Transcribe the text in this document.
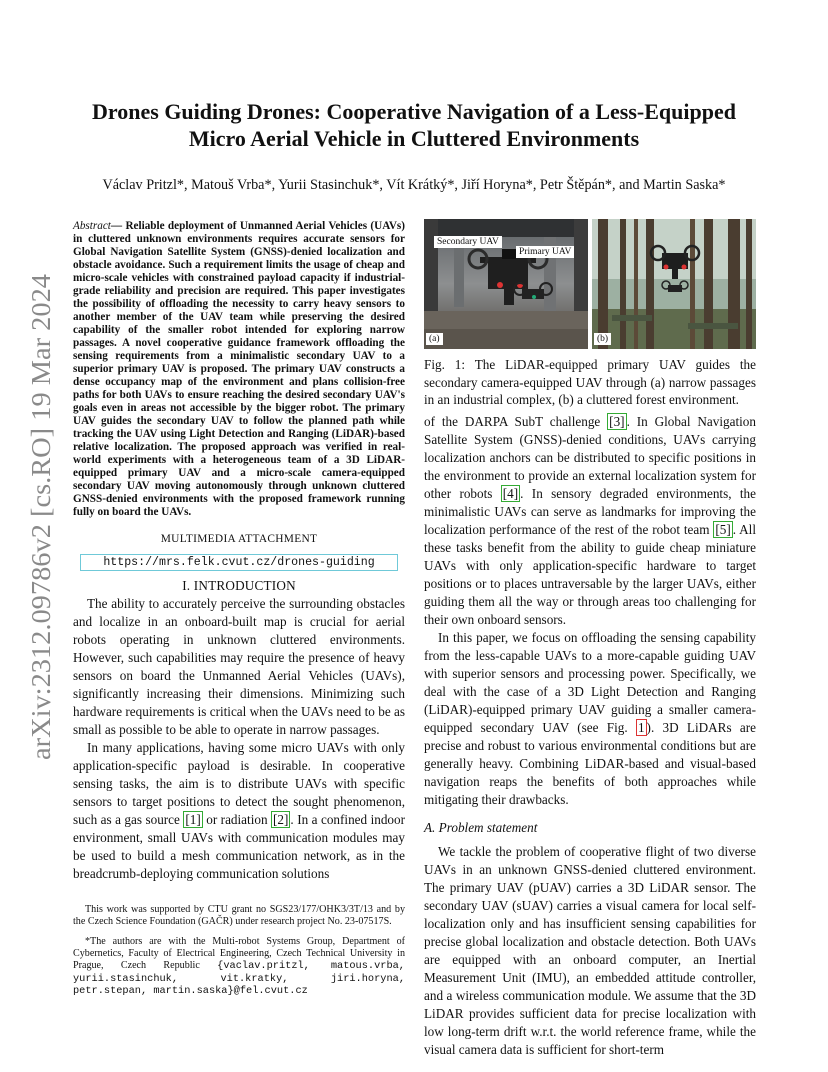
arXiv:2312.09786v2 [cs.RO] 19 Mar 2024
Drones Guiding Drones: Cooperative Navigation of a Less-Equipped
Micro Aerial Vehicle in Cluttered Environments
Václav Pritzl*, Matouš Vrba*, Yurii Stasinchuk*, Vít Krátký*, Jiří Horyna*, Petr Štěpán*, and Martin Saska*
Abstract— Reliable deployment of Unmanned Aerial Vehicles (UAVs) in cluttered unknown environments requires accurate sensors for Global Navigation Satellite System (GNSS)-denied localization and obstacle avoidance. Such a requirement limits the usage of cheap and micro-scale vehicles with constrained payload capacity if industrial-grade reliability and precision are required. This paper investigates the possibility of offloading the necessity to carry heavy sensors to another member of the UAV team while preserving the desired capability of the smaller robot intended for exploring narrow passages. A novel cooperative guidance framework offloading the sensing requirements from a minimalistic secondary UAV to a superior primary UAV is proposed. The primary UAV constructs a dense occupancy map of the environment and plans collision-free paths for both UAVs to ensure reaching the desired secondary UAV's goals even in areas not accessible by the bigger robot. The primary UAV guides the secondary UAV to follow the planned path while tracking the UAV using Light Detection and Ranging (LiDAR)-based relative localization. The proposed approach was verified in real-world experiments with a heterogeneous team of a 3D LiDAR-equipped primary UAV and a micro-scale camera-equipped secondary UAV moving autonomously through unknown cluttered GNSS-denied environments with the proposed framework running fully on board the UAVs.
MULTIMEDIA ATTACHMENT
https://mrs.felk.cvut.cz/drones-guiding
I. INTRODUCTION

The ability to accurately perceive the surrounding obstacles and localize in an onboard-built map is crucial for aerial robots operating in unknown cluttered environments. However, such capabilities may require the presence of heavy sensors on board the Unmanned Aerial Vehicles (UAVs), significantly increasing their dimensions. Minimizing such hardware requirements is critical when the UAVs need to be as small as possible to be able to operate in narrow passages.

In many applications, having some micro UAVs with only application-specific payload is desirable. In cooperative sensing tasks, the aim is to distribute UAVs with specific sensors to target positions to detect the sought phenomenon, such as a gas source [1] or radiation [2] . In a confined indoor environment, small UAVs with communication modules may be used to build a mesh communication network, as in the breadcrumb-deploying communication solutions

This work was supported by CTU grant no SGS23/177/OHK3/3T/13 and by the Czech Science Foundation (GAČR) under research project No. 23-07517S.

*The authors are with the Multi-robot Systems Group, Department of Cybernetics, Faculty of Electrical Engineering, Czech Technical University in Prague, Czech Republic {vaclav.pritzl, matous.vrba, yurii.stasinchuk, vit.kratky, jiri.horyna, petr.stepan, martin.saska}@fel.cvut.cz

Secondary UAV
Primary UAV
(a)	(b)
Fig. 1: The LiDAR-equipped primary UAV guides the secondary camera-equipped UAV through (a) narrow passages in an industrial complex, (b) a cluttered forest environment.

of the DARPA SubT challenge [3] . In Global Navigation Satellite System (GNSS)-denied conditions, UAVs carrying localization anchors can be distributed to specific positions in the environment to provide an external localization system for other robots [4] . In sensory degraded environments, the minimalistic UAVs can serve as landmarks for improving the localization performance of the rest of the robot team [5] . All these tasks benefit from the ability to guide cheap miniature UAVs with only application-specific hardware to target positions or to places untraversable by the larger UAVs, either guiding them all the way or through areas too challenging for their own onboard sensors.

In this paper, we focus on offloading the sensing capability from the less-capable UAVs to a more-capable guiding UAV with superior sensors and processing power. Specifically, we deal with the case of a 3D Light Detection and Ranging (LiDAR)-equipped primary UAV guiding a smaller camera-equipped secondary UAV (see Fig. 1 ). 3D LiDARs are precise and robust to various environmental conditions but are generally heavy. Combining LiDAR-based and visual-based navigation reaps the benefits of both approaches while mitigating their drawbacks.

A. Problem statement

We tackle the problem of cooperative flight of two diverse UAVs in an unknown GNSS-denied cluttered environment. The primary UAV (pUAV) carries a 3D LiDAR sensor. The secondary UAV (sUAV) carries a visual camera for local self-localization only and has insufficient sensing capabilities for precise global localization and obstacle detection. Both UAVs are equipped with an onboard computer, an Inertial Measurement Unit (IMU), an embedded attitude controller, and a wireless communication module. We assume that the 3D LiDAR provides sufficient data for precise localization with low long-term drift w.r.t. the world reference frame, while the visual camera data is sufficient for short-term
